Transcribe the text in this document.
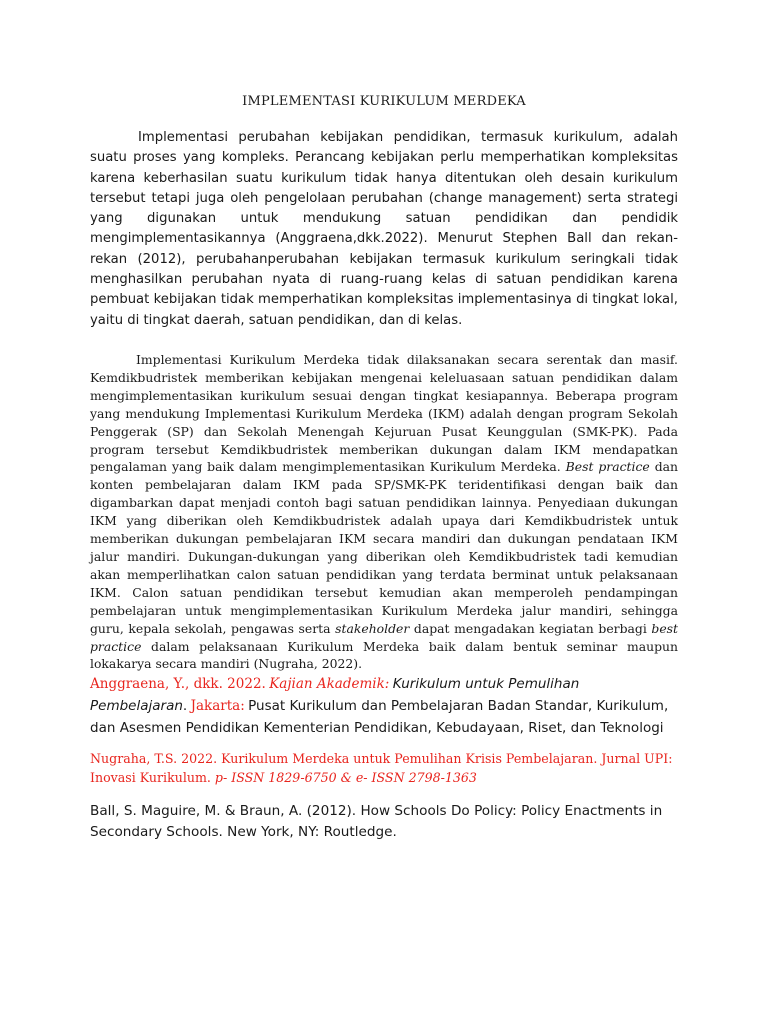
IMPLEMENTASI KURIKULUM MERDEKA

Implementasi perubahan kebijakan pendidikan, termasuk kurikulum, adalah suatu proses yang kompleks. Perancang kebijakan perlu memperhatikan kompleksitas karena keberhasilan suatu kurikulum tidak hanya ditentukan oleh desain kurikulum tersebut tetapi juga oleh pengelolaan perubahan (change management) serta strategi yang digunakan untuk mendukung satuan pendidikan dan pendidik mengimplementasikannya (Anggraena,dkk.2022). Menurut Stephen Ball dan rekan-rekan (2012), perubahanperubahan kebijakan termasuk kurikulum seringkali tidak menghasilkan perubahan nyata di ruang-ruang kelas di satuan pendidikan karena pembuat kebijakan tidak memperhatikan kompleksitas implementasinya di tingkat lokal, yaitu di tingkat daerah, satuan pendidikan, dan di kelas.

Implementasi Kurikulum Merdeka tidak dilaksanakan secara serentak dan masif. Kemdikbudristek memberikan kebijakan mengenai keleluasaan satuan pendidikan dalam mengimplementasikan kurikulum sesuai dengan tingkat kesiapannya. Beberapa program yang mendukung Implementasi Kurikulum Merdeka (IKM) adalah dengan program Sekolah Penggerak (SP) dan Sekolah Menengah Kejuruan Pusat Keunggulan (SMK-PK). Pada program tersebut Kemdikbudristek memberikan dukungan dalam IKM mendapatkan pengalaman yang baik dalam mengimplementasikan Kurikulum Merdeka. Best practice dan konten pembelajaran dalam IKM pada SP/SMK-PK teridentifikasi dengan baik dan digambarkan dapat menjadi contoh bagi satuan pendidikan lainnya. Penyediaan dukungan IKM yang diberikan oleh Kemdikbudristek adalah upaya dari Kemdikbudristek untuk memberikan dukungan pembelajaran IKM secara mandiri dan dukungan pendataan IKM jalur mandiri. Dukungan-dukungan yang diberikan oleh Kemdikbudristek tadi kemudian akan memperlihatkan calon satuan pendidikan yang terdata berminat untuk pelaksanaan IKM. Calon satuan pendidikan tersebut kemudian akan memperoleh pendampingan pembelajaran untuk mengimplementasikan Kurikulum Merdeka jalur mandiri, sehingga guru, kepala sekolah, pengawas serta stakeholder dapat mengadakan kegiatan berbagi best practice dalam pelaksanaan Kurikulum Merdeka baik dalam bentuk seminar maupun lokakarya secara mandiri (Nugraha, 2022).

Anggraena, Y., dkk. 2022. Kajian Akademik: Kurikulum untuk Pemulihan Pembelajaran. Jakarta: Pusat Kurikulum dan Pembelajaran Badan Standar, Kurikulum, dan Asesmen Pendidikan Kementerian Pendidikan, Kebudayaan, Riset, dan Teknologi

Nugraha, T.S. 2022. Kurikulum Merdeka untuk Pemulihan Krisis Pembelajaran. Jurnal UPI: Inovasi Kurikulum. p- ISSN 1829-6750 & e- ISSN 2798-1363

Ball, S. Maguire, M. & Braun, A. (2012). How Schools Do Policy: Policy Enactments in Secondary Schools. New York, NY: Routledge.
